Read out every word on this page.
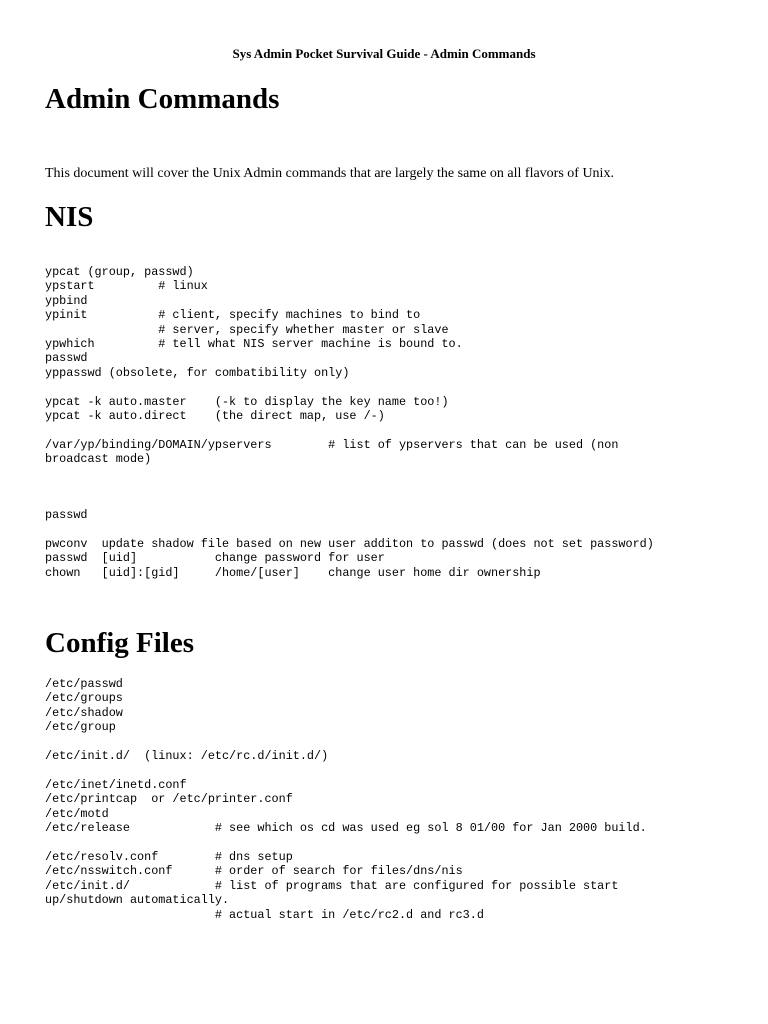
Sys Admin Pocket Survival Guide - Admin Commands
Admin Commands

This document will cover the Unix Admin commands that are largely the same on all flavors of Unix.

NIS
ypcat (group, passwd)
ypstart         # linux
ypbind
ypinit          # client, specify machines to bind to
# server, specify whether master or slave
ypwhich         # tell what NIS server machine is bound to.
passwd
yppasswd (obsolete, for combatibility only)

ypcat -k auto.master    (-k to display the key name too!)
ypcat -k auto.direct    (the direct map, use /-)

/var/yp/binding/DOMAIN/ypservers        # list of ypservers that can be used (non
broadcast mode)
passwd

pwconv  update shadow file based on new user additon to passwd (does not set password)
passwd  [uid]           change password for user
chown   [uid]:[gid]     /home/[user]    change user home dir ownership
Config Files
/etc/passwd
/etc/groups
/etc/shadow
/etc/group

/etc/init.d/  (linux: /etc/rc.d/init.d/)

/etc/inet/inetd.conf
/etc/printcap  or /etc/printer.conf
/etc/motd
/etc/release            # see which os cd was used eg sol 8 01/00 for Jan 2000 build.

/etc/resolv.conf        # dns setup
/etc/nsswitch.conf      # order of search for files/dns/nis
/etc/init.d/            # list of programs that are configured for possible start
up/shutdown automatically.
# actual start in /etc/rc2.d and rc3.d
